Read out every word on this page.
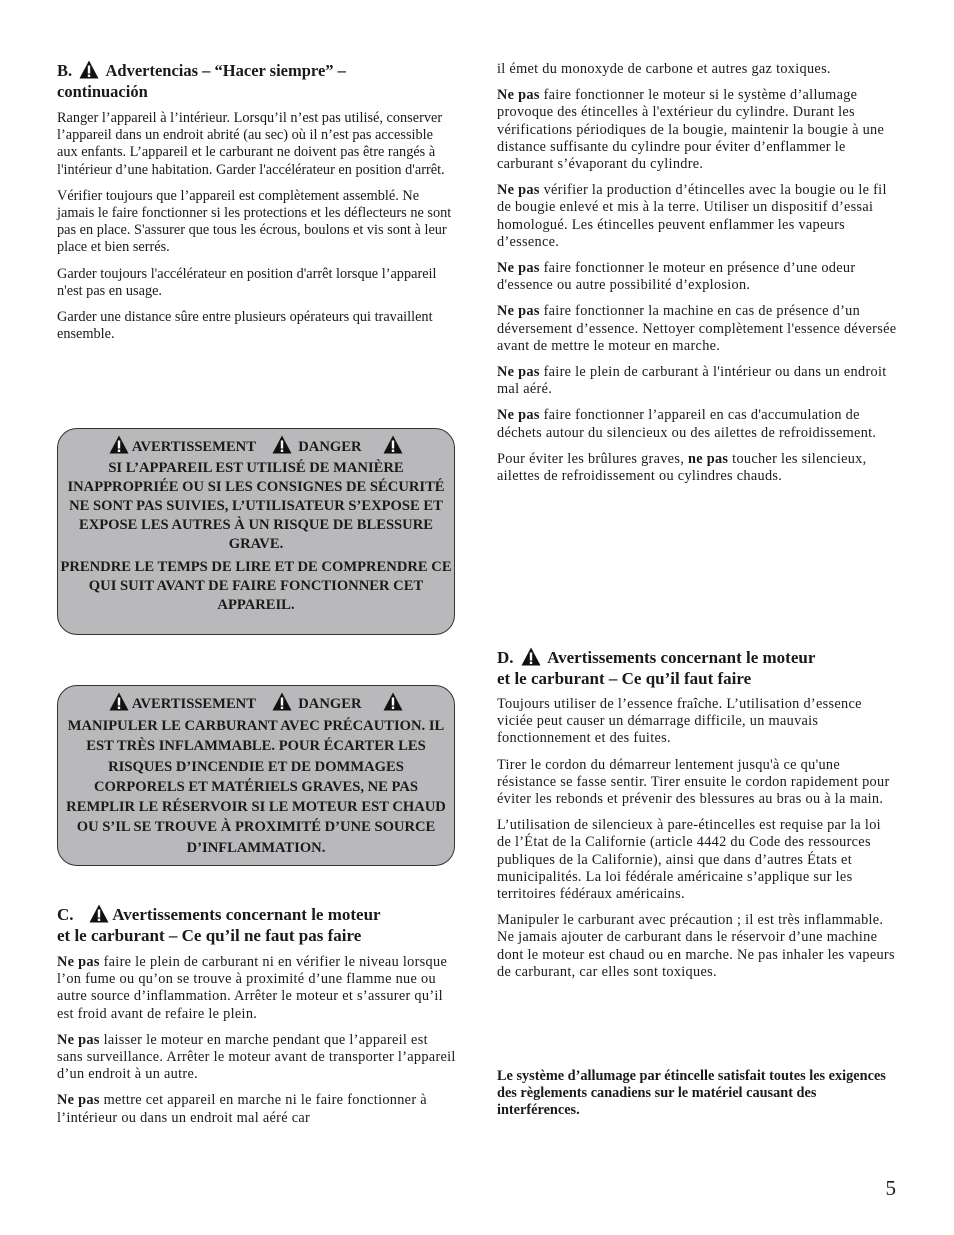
B. Advertencias – “Hacer siempre” –
continuación

Ranger l’appareil à l’intérieur. Lorsqu’il n’est pas utilisé, conserver l’appareil dans un endroit abrité (au sec) où il n’est pas accessible aux enfants. L’appareil et le carburant ne doivent pas être rangés à l'intérieur d’une habitation. Garder l'accélérateur en position d'arrêt.

Vérifier toujours que l’appareil est complètement assemblé. Ne jamais le faire fonctionner si les protections et les déflecteurs ne sont pas en place. S'assurer que tous les écrous, boulons et vis sont à leur place et bien serrés.

Garder toujours l'accélérateur en position d'arrêt lorsque l’appareil n'est pas en usage.

Garder une distance sûre entre plusieurs opérateurs qui travaillent ensemble.

AVERTISSEMENT	DANGER

SI L’APPAREIL EST UTILISÉ DE MANIÈRE INAPPROPRIÉE OU SI LES CONSIGNES DE SÉCURITÉ NE SONT PAS SUIVIES, L’UTILISATEUR S’EXPOSE ET EXPOSE LES AUTRES À UN RISQUE DE BLESSURE GRAVE.

PRENDRE LE TEMPS DE LIRE ET DE COMPRENDRE CE QUI SUIT AVANT DE FAIRE FONCTIONNER CET APPAREIL.

AVERTISSEMENT	DANGER

MANIPULER LE CARBURANT AVEC PRÉCAUTION. IL EST TRÈS INFLAMMABLE. POUR ÉCARTER LES RISQUES D’INCENDIE ET DE DOMMAGES CORPORELS ET MATÉRIELS GRAVES, NE PAS REMPLIR LE RÉSERVOIR SI LE MOTEUR EST CHAUD OU S’IL SE TROUVE À PROXIMITÉ D’UNE SOURCE D’INFLAMMATION.

C. Avertissements concernant le moteur
et le carburant – Ce qu’il ne faut pas faire

Ne pas faire le plein de carburant ni en vérifier le niveau lorsque l’on fume ou qu’on se trouve à proximité d’une flamme nue ou autre source d’inflammation. Arrêter le moteur et s’assurer qu’il est froid avant de refaire le plein.

Ne pas laisser le moteur en marche pendant que l’appareil est sans surveillance. Arrêter le moteur avant de transporter l’appareil d’un endroit à un autre.

Ne pas mettre cet appareil en marche ni le faire fonctionner à l’intérieur ou dans un endroit mal aéré car

il émet du monoxyde de carbone et autres gaz toxiques.

Ne pas faire fonctionner le moteur si le système d’allumage provoque des étincelles à l'extérieur du cylindre. Durant les vérifications périodiques de la bougie, maintenir la bougie à une distance suffisante du cylindre pour éviter d’enflammer le carburant s’évaporant du cylindre.

Ne pas vérifier la production d’étincelles avec la bougie ou le fil de bougie enlevé et mis à la terre. Utiliser un dispositif d’essai homologué. Les étincelles peuvent enflammer les vapeurs d’essence.

Ne pas faire fonctionner le moteur en présence d’une odeur d'essence ou autre possibilité d’explosion.

Ne pas faire fonctionner la machine en cas de présence d’un déversement d’essence. Nettoyer complètement l'essence déversée avant de mettre le moteur en marche.

Ne pas faire le plein de carburant à l'intérieur ou dans un endroit mal aéré.

Ne pas faire fonctionner l’appareil en cas d'accumulation de déchets autour du silencieux ou des ailettes de refroidissement.

Pour éviter les brûlures graves, ne pas toucher les silencieux, ailettes de refroidissement ou cylindres chauds.

D. Avertissements concernant le moteur
et le carburant – Ce qu’il faut faire

Toujours utiliser de l’essence fraîche. L’utilisation d’essence viciée peut causer un démarrage difficile, un mauvais fonctionnement et des fuites.

Tirer le cordon du démarreur lentement jusqu'à ce qu'une résistance se fasse sentir. Tirer ensuite le cordon rapidement pour éviter les rebonds et prévenir des blessures au bras ou à la main.

L’utilisation de silencieux à pare-étincelles est requise par la loi de l’État de la Californie (article 4442 du Code des ressources publiques de la Californie), ainsi que dans d’autres États et municipalités. La loi fédérale américaine s’applique sur les territoires fédéraux américains.

Manipuler le carburant avec précaution ; il est très inflammable. Ne jamais ajouter de carburant dans le réservoir d’une machine dont le moteur est chaud ou en marche. Ne pas inhaler les vapeurs de carburant, car elles sont toxiques.

Le système d’allumage par étincelle satisfait toutes les exigences des règlements canadiens sur le matériel causant des interférences.

5
